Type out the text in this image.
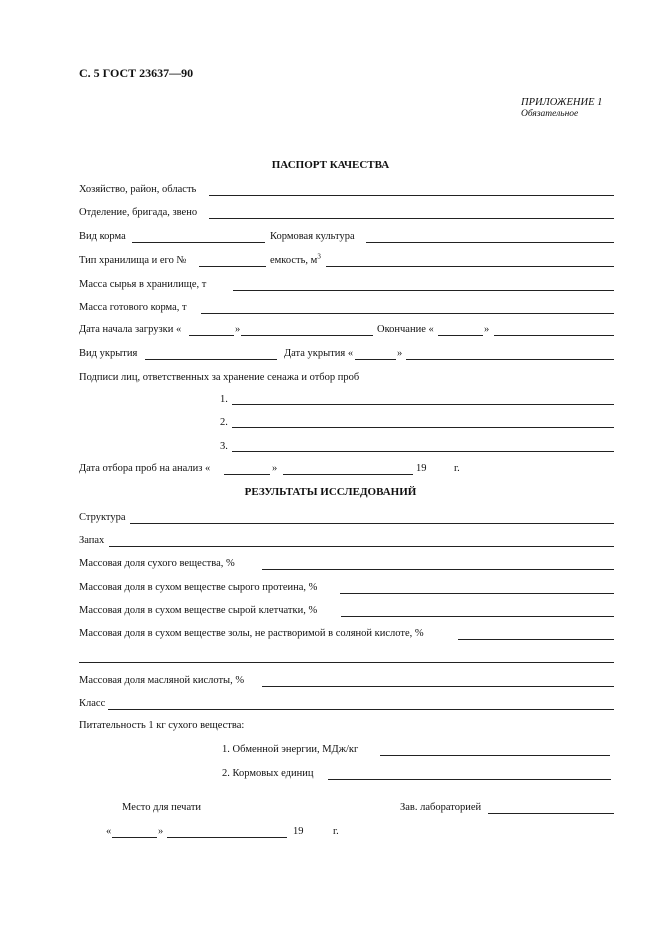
С. 5 ГОСТ 23637—90
ПРИЛОЖЕНИЕ 1
Обязательное
ПАСПОРТ КАЧЕСТВА
Хозяйство, район, область
Отделение, бригада, звено
Вид корма	Кормовая культура
Тип хранилища и его №	емкость, $м^3$
Масса сырья в хранилище, т
Масса готового корма, т
Дата начала загрузки «	»	Окончание «	»
Вид укрытия	Дата укрытия «	»
Подписи лиц, ответственных за хранение сенажа и отбор проб
1.
2.
3.
Дата отбора проб на анализ «	»	19	г.
РЕЗУЛЬТАТЫ ИССЛЕДОВАНИЙ
Структура
Запах
Массовая доля сухого вещества, %
Массовая доля в сухом веществе сырого протеина, %
Массовая доля в сухом веществе сырой клетчатки, %
Массовая доля в сухом веществе золы, не растворимой в соляной кислоте, %
Массовая доля масляной кислоты, %
Класс
Питательность 1 кг сухого вещества:
1. Обменной энергии, МДж/кг
2. Кормовых единиц
Место для печати	Зав. лабораторией
«	»	19	г.
